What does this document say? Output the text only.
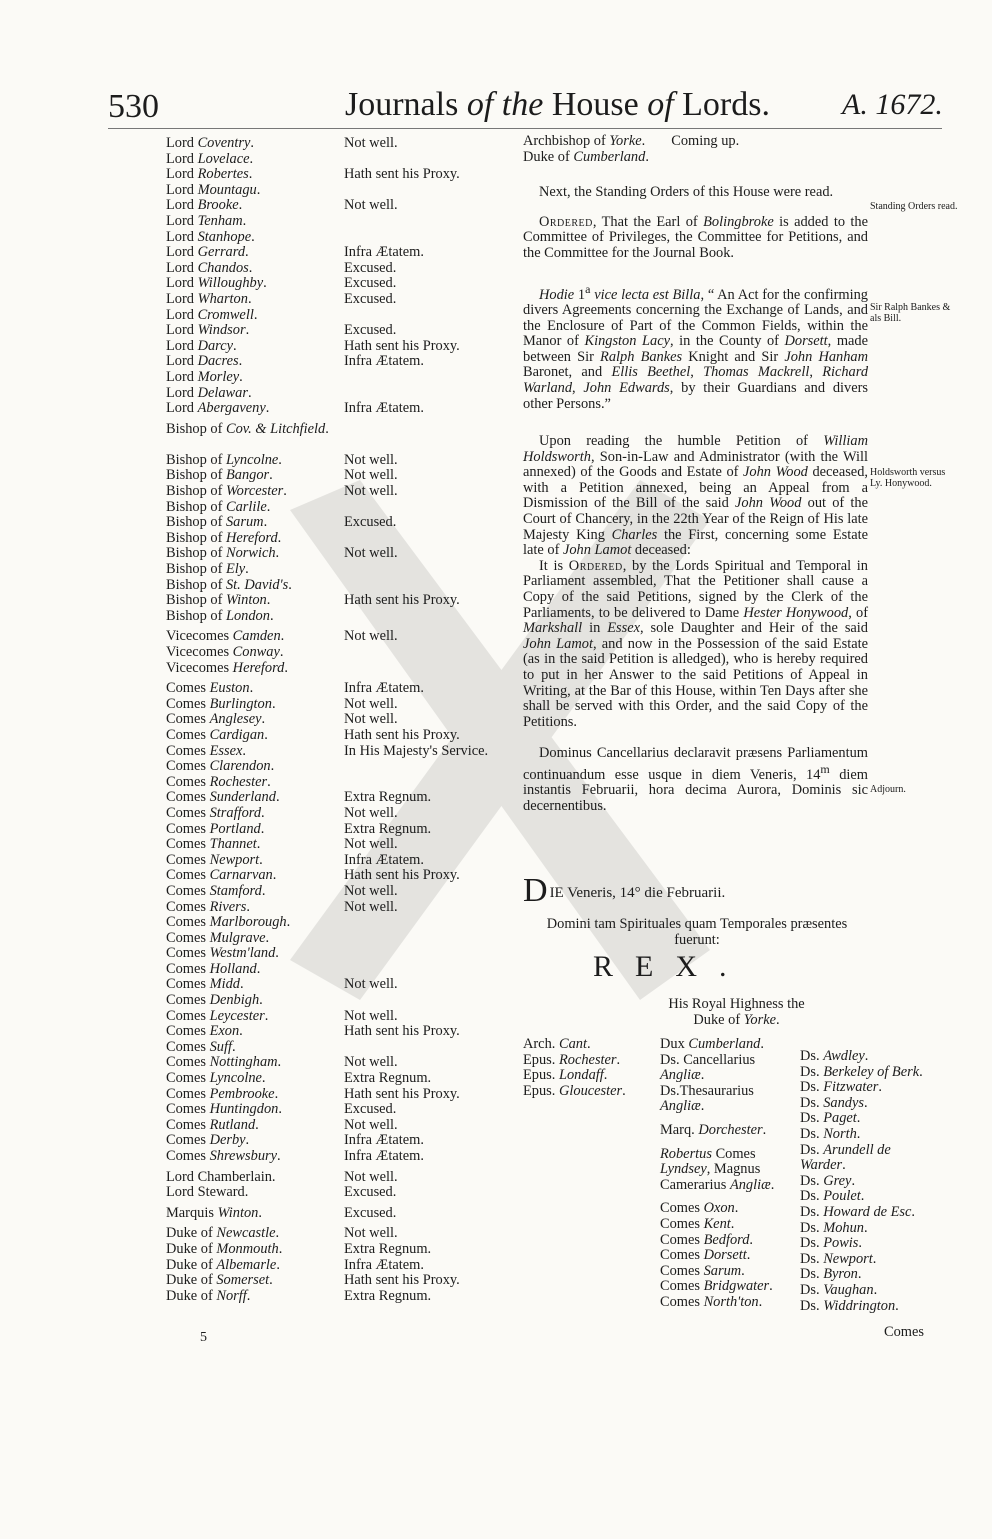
530	Journals of the House of Lords. A. 1672.
Lord Coventry.
Lord Lovelace.
Lord Robertes.
Lord Mountagu.
Lord Brooke.
Lord Tenham.
Lord Stanhope.
Lord Gerrard.
Lord Chandos.
Lord Willoughby.
Lord Wharton.
Lord Cromwell.
Lord Windsor.
Lord Darcy.
Lord Dacres.
Lord Morley.
Lord Delawar.
Lord Abergaveny.
Bishop of Cov. & Litchfield.
Bishop of Lyncolne.
Bishop of Bangor.
Bishop of Worcester.
Bishop of Carlile.
Bishop of Sarum.
Bishop of Hereford.
Bishop of Norwich.
Bishop of Ely.
Bishop of St. David's.
Bishop of Winton.
Bishop of London.
Vicecomes Camden.
Vicecomes Conway.
Vicecomes Hereford.
Comes Euston.
Comes Burlington.
Comes Anglesey.
Comes Cardigan.
Comes Essex.
Comes Clarendon.
Comes Rochester.
Comes Sunderland.
Comes Strafford.
Comes Portland.
Comes Thannet.
Comes Newport.
Comes Carnarvan.
Comes Stamford.
Comes Rivers.
Comes Marlborough.
Comes Mulgrave.
Comes Westm'land.
Comes Holland.
Comes Midd.
Comes Denbigh.
Comes Leycester.
Comes Exon.
Comes Suff.
Comes Nottingham.
Comes Lyncolne.
Comes Pembrooke.
Comes Huntingdon.
Comes Rutland.
Comes Derby.
Comes Shrewsbury.
Lord Chamberlain.
Lord Steward.
Marquis Winton.
Duke of Newcastle.
Duke of Monmouth.
Duke of Albemarle.
Duke of Somerset.
Duke of Norff.
Not well.
Hath sent his Proxy.
Not well.
Infra Ætatem.
Excused.
Excused.
Excused.
Excused.
Hath sent his Proxy.
Infra Ætatem.
Infra Ætatem.
Not well.
Not well.
Not well.
Excused.
Not well.
Hath sent his Proxy.
Not well.
Infra Ætatem.
Not well.
Not well.
Hath sent his Proxy.
In His Majesty's Service.
Extra Regnum.
Not well.
Extra Regnum.
Not well.
Infra Ætatem.
Hath sent his Proxy.
Not well.
Not well.
Not well.
Not well.
Hath sent his Proxy.
Not well.
Extra Regnum.
Hath sent his Proxy.
Excused.
Not well.
Infra Ætatem.
Infra Ætatem.
Not well.
Excused.
Excused.
Not well.
Extra Regnum.
Infra Ætatem.
Hath sent his Proxy.
Extra Regnum.
Archbishop of Yorke. Coming up.
Duke of Cumberland.

Next, the Standing Orders of this House were read.

Ordered, That the Earl of Bolingbroke is added to the Committee of Privileges, the Committee for Petitions, and the Committee for the Journal Book.

Hodie 1$^a$ vice lecta est Billa, “ An Act for the confirming divers Agreements concerning the Exchange of Lands, and the Enclosure of Part of the Common Fields, within the Manor of Kingston Lacy, in the County of Dorsett, made between Sir Ralph Bankes Knight and Sir John Hanham Baronet, and Ellis Beethel, Thomas Mackrell, Richard Warland, John Edwards, by their Guardians and divers other Persons.”

Upon reading the humble Petition of William Holdsworth, Son-in-Law and Administrator (with the Will annexed) of the Goods and Estate of John Wood deceased, with a Petition annexed, being an Appeal from a Dismission of the Bill of the said John Wood out of the Court of Chancery, in the 22th Year of the Reign of His late Majesty King Charles the First, concerning some Estate late of John Lamot deceased:

It is Ordered, by the Lords Spiritual and Temporal in Parliament assembled, That the Petitioner shall cause a Copy of the said Petitions, signed by the Clerk of the Parliaments, to be delivered to Dame Hester Honywood, of Markshall in Essex, sole Daughter and Heir of the said John Lamot, and now in the Possession of the said Estate (as in the said Petition is alledged), who is hereby required to put in her Answer to the said Petitions of Appeal in Writing, at the Bar of this House, within Ten Days after she shall be served with this Order, and the said Copy of the Petitions.

Dominus Cancellarius declaravit præsens Parliamentum continuandum esse usque in diem Veneris, 14$^m$ diem instantis Februarii, hora decima Aurora, Dominis sic decernentibus.

Standing Orders read.
Sir Ralph Bankes & als Bill.
Holdsworth versus Ly. Honywood.
Adjourn.
DIE Veneris, 14° die Februarii.
Domini tam Spirituales quam Temporales præsentes fuerunt:
REX.
His Royal Highness the Duke of Yorke.
Arch. Cant.
Epus. Rochester.
Epus. Londaff.
Epus. Gloucester.
Dux Cumberland.
Ds. Cancellarius Angliæ.
Ds.Thesaurarius Angliæ.
Marq. Dorchester.
Robertus Comes Lyndsey, Magnus Camerarius Angliæ.
Comes Oxon.
Comes Kent.
Comes Bedford.
Comes Dorsett.
Comes Sarum.
Comes Bridgwater.
Comes North'ton.
Ds. Awdley.
Ds. Berkeley of Berk.
Ds. Fitzwater.
Ds. Sandys.
Ds. Paget.
Ds. North.
Ds. Arundell de Warder.
Ds. Grey.
Ds. Poulet.
Ds. Howard de Esc.
Ds. Mohun.
Ds. Powis.
Ds. Newport.
Ds. Byron.
Ds. Vaughan.
Ds. Widdrington.
Comes
5
